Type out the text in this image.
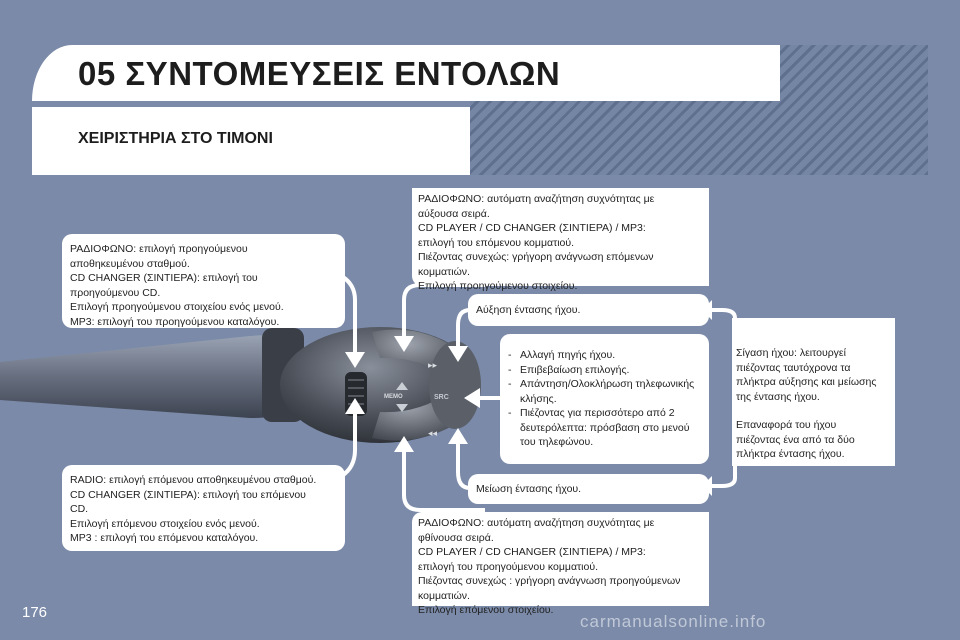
05 ΣΥΝΤΟΜΕΥΣΕΙΣ ΕΝΤΟΛΩΝ
ΧΕΙΡΙΣΤΗΡΙΑ ΣΤΟ ΤΙΜΟΝΙ
MEMO	SRC
▸▸
◂◂

ΡΑΔΙΟΦΩΝΟ: επιλογή προηγούμενου

αποθηκευμένου σταθμού.

CD CHANGER (ΣΙΝΤΙΕΡΑ): επιλογή του

προηγούμενου CD.

Επιλογή προηγούμενου στοιχείου ενός μενού.

MP3: επιλογή του προηγούμενου καταλόγου.

RADIO: επιλογή επόμενου αποθηκευμένου σταθμού.

CD CHANGER (ΣΙΝΤΙΕΡΑ): επιλογή του επόμενου

CD.

Επιλογή επόμενου στοιχείου ενός μενού.

MP3 : επιλογή του επόμενου καταλόγου.

ΡΑΔΙΟΦΩΝΟ: αυτόματη αναζήτηση συχνότητας με

αύξουσα σειρά.

CD PLAYER / CD CHANGER (ΣΙΝΤΙΕΡΑ) / MP3:

επιλογή του επόμενου κομματιού.

Πιέζοντας συνεχώς: γρήγορη ανάγνωση επόμενων

κομματιών.

Επιλογή προηγούμενου στοιχείου.

Αύξηση έντασης ήχου.

- Αλλαγή πηγής ήχου.
- Επιβεβαίωση επιλογής.
- Απάντηση/Ολοκλήρωση τηλεφωνικής κλήσης.
- Πιέζοντας για περισσότερο από 2 δευτερόλεπτα: πρόσβαση στο μενού του τηλεφώνου.

Μείωση έντασης ήχου.

ΡΑΔΙΟΦΩΝΟ: αυτόματη αναζήτηση συχνότητας με

φθίνουσα σειρά.

CD PLAYER / CD CHANGER (ΣΙΝΤΙΕΡΑ) / MP3:

επιλογή του προηγούμενου κομματιού.

Πιέζοντας συνεχώς : γρήγορη ανάγνωση προηγούμενων

κομματιών.

Επιλογή επόμενου στοιχείου.

Σίγαση ήχου: λειτουργεί

πιέζοντας ταυτόχρονα τα

πλήκτρα αύξησης και μείωσης

της έντασης ήχου.

Επαναφορά του ήχου

πιέζοντας ένα από τα δύο

πλήκτρα έντασης ήχου.

176	carmanualsonline.info
